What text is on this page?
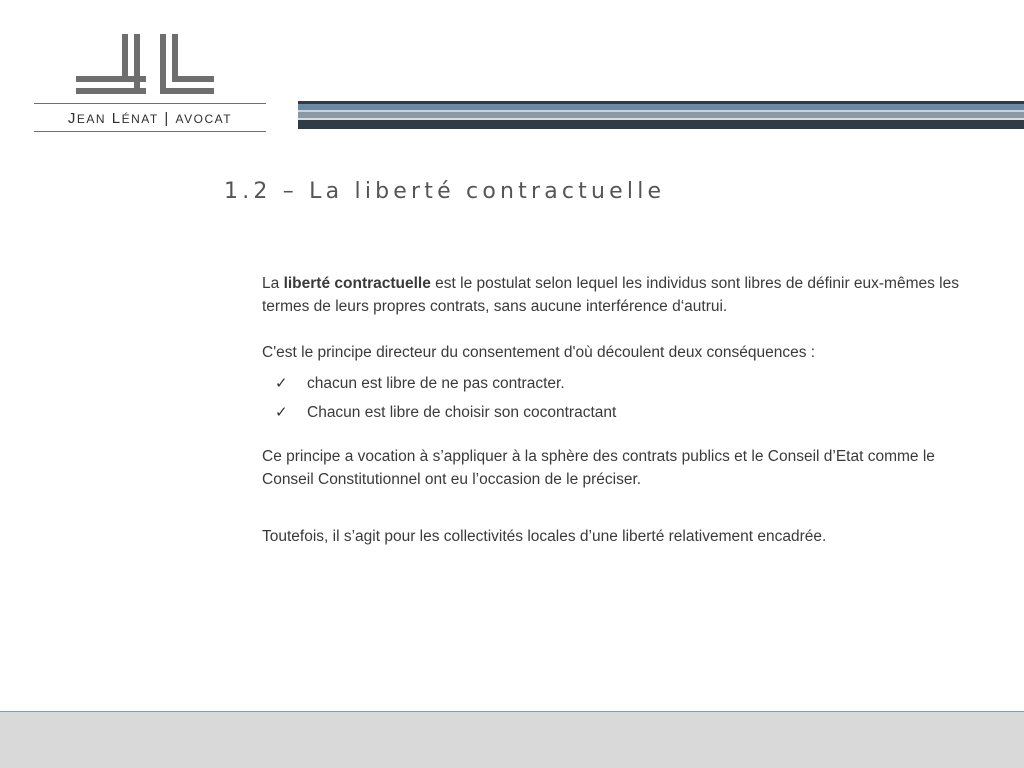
JEAN LÉNAT | AVOCAT
1.2 – La liberté contractuelle

La liberté contractuelle est le postulat selon lequel les individus sont libres de définir eux-mêmes les termes de leurs propres contrats, sans aucune interférence d‘autrui.

C'est le principe directeur du consentement d'où découlent deux conséquences :

✓ chacun est libre de ne pas contracter.
✓ Chacun est libre de choisir son cocontractant

Ce principe a vocation à s’appliquer à la sphère des contrats publics et le Conseil d’Etat comme le Conseil Constitutionnel ont eu l’occasion de le préciser.

Toutefois, il s’agit pour les collectivités locales d’une liberté relativement encadrée.
